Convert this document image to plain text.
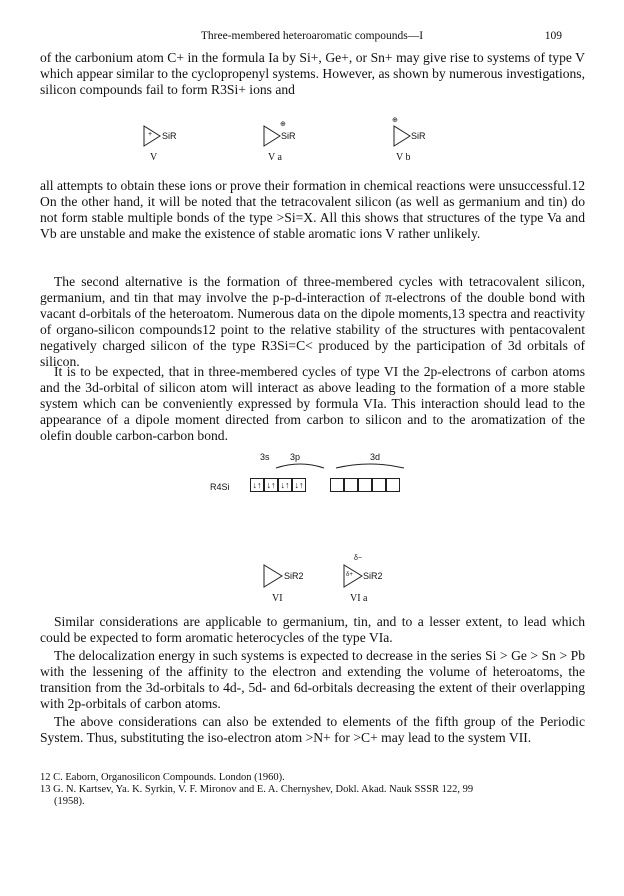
Three-membered heteroaromatic compounds—I	109

of the carbonium atom C+ in the formula Ia by Si+, Ge+, or Sn+ may give rise to systems of type V which appear similar to the cyclopropenyl systems. However, as shown by numerous investigations, silicon compounds fail to form R3Si+ ions and

+ SiR
V
⊕
SiR
V a
⊕
SiR
V b

all attempts to obtain these ions or prove their formation in chemical reactions were unsuccessful.12 On the other hand, it will be noted that the tetracovalent silicon (as well as germanium and tin) do not form stable multiple bonds of the type >Si=X. All this shows that structures of the type Va and Vb are unstable and make the existence of stable aromatic ions V rather unlikely.

The second alternative is the formation of three-membered cycles with tetracovalent silicon, germanium, and tin that may involve the p-p-d-interaction of π-electrons of the double bond with vacant d-orbitals of the heteroatom. Numerous data on the dipole moments,13 spectra and reactivity of organo-silicon compounds12 point to the relative stability of the structures with pentacovalent negatively charged silicon of the type R3Si=C< produced by the participation of 3d orbitals of silicon.

It is to be expected, that in three-membered cycles of type VI the 2p-electrons of carbon atoms and the 3d-orbital of silicon atom will interact as above leading to the formation of a more stable system which can be conveniently expressed by formula VIa. This interaction should lead to the appearance of a dipole moment directed from carbon to silicon and to the aromatization of the olefin double carbon-carbon bond.

3s 3p	3d
R4Si	↓↑ ↓↑ ↓↑ ↓↑
SiR2
VI
δ−
δ+ SiR2
VI a

Similar considerations are applicable to germanium, tin, and to a lesser extent, to lead which could be expected to form aromatic heterocycles of the type VIa.

The delocalization energy in such systems is expected to decrease in the series Si > Ge > Sn > Pb with the lessening of the affinity to the electron and extending the volume of heteroatoms, the transition from the 3d-orbitals to 4d-, 5d- and 6d-orbitals decreasing the extent of their overlapping with 2p-orbitals of carbon atoms.

The above considerations can also be extended to elements of the fifth group of the Periodic System. Thus, substituting the iso-electron atom >N+ for >C+ may lead to the system VII.

12 C. Eaborn, Organosilicon Compounds. London (1960).

13 G. N. Kartsev, Ya. K. Syrkin, V. F. Mironov and E. A. Chernyshev, Dokl. Akad. Nauk SSSR 122, 99

(1958).
